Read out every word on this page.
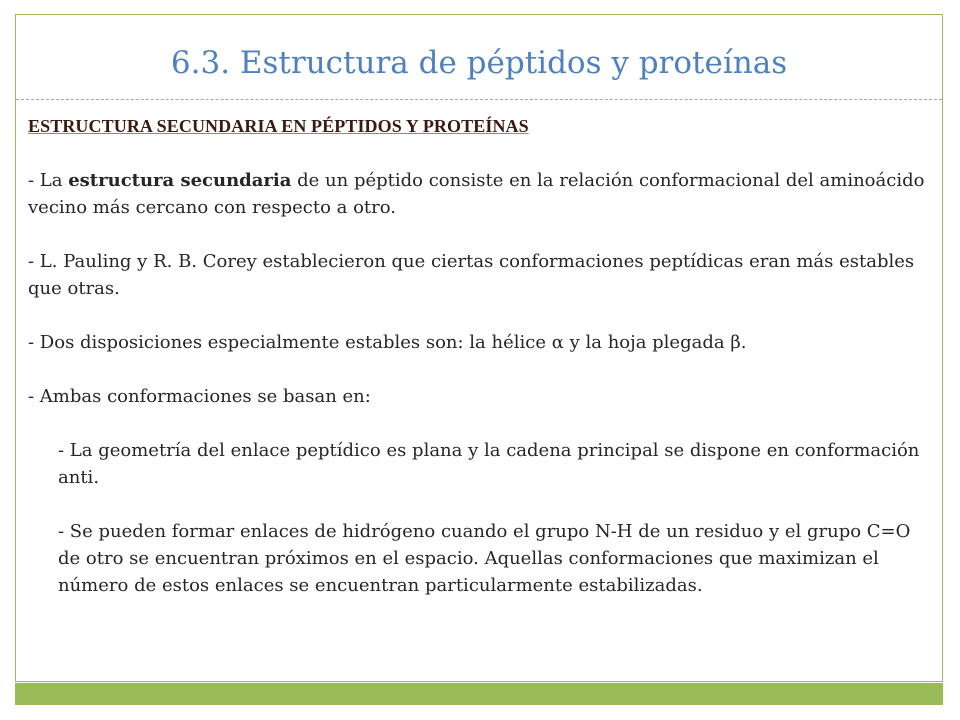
6.3. Estructura de péptidos y proteínas
ESTRUCTURA SECUNDARIA EN PÉPTIDOS Y PROTEÍNAS

- La estructura secundaria de un péptido consiste en la relación conformacional del aminoácido vecino más cercano con respecto a otro.

- L. Pauling y R. B. Corey establecieron que ciertas conformaciones peptídicas eran más estables que otras.

- Dos disposiciones especialmente estables son: la hélice α y la hoja plegada β.

- Ambas conformaciones se basan en:

- La geometría del enlace peptídico es plana y la cadena principal se dispone en conformación anti.

- Se pueden formar enlaces de hidrógeno cuando el grupo N-H de un residuo y el grupo C=O de otro se encuentran próximos en el espacio. Aquellas conformaciones que maximizan el número de estos enlaces se encuentran particularmente estabilizadas.
